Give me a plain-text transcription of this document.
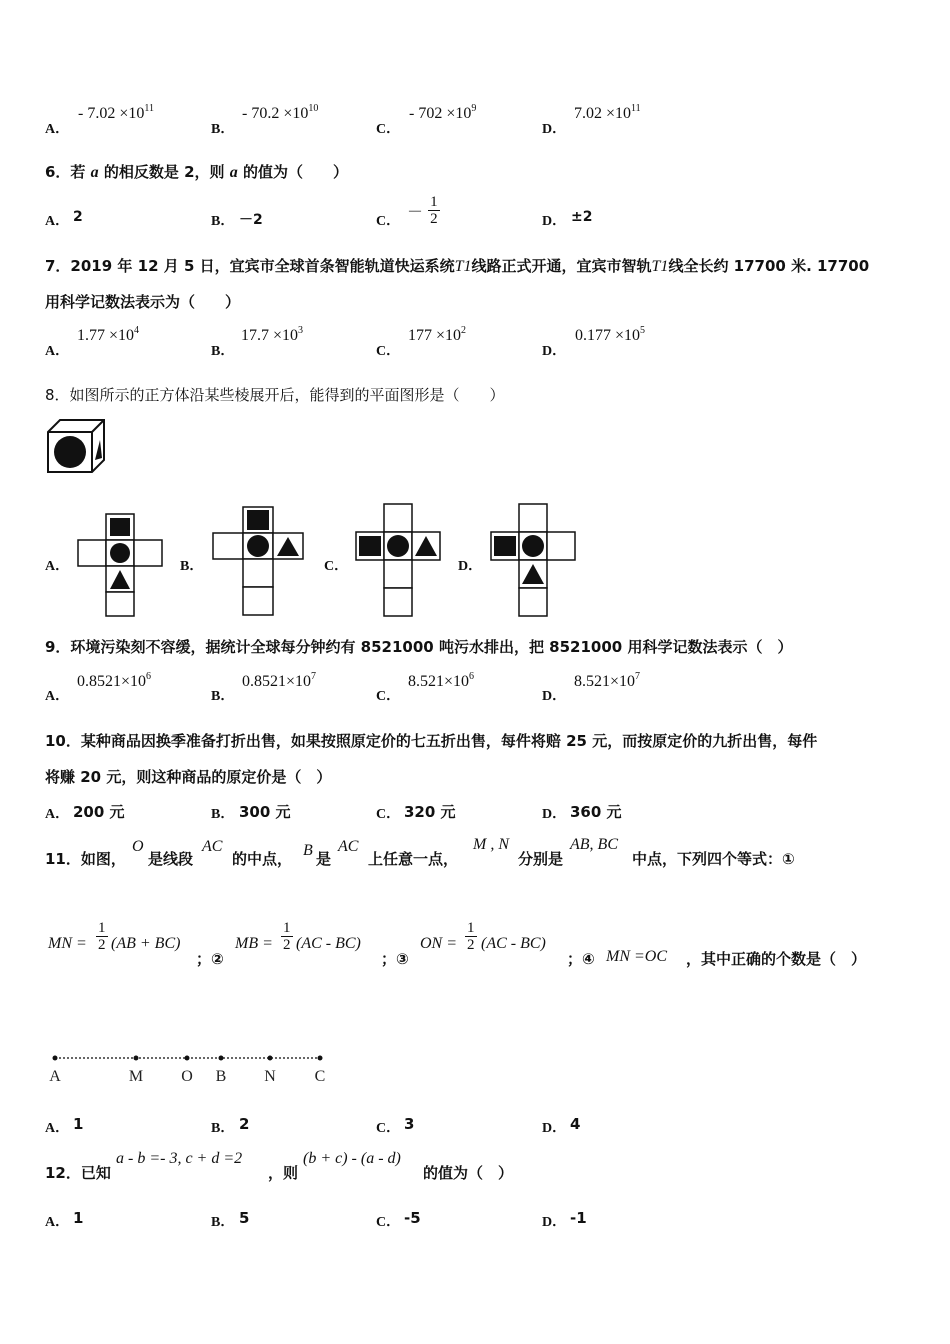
A．
- $7.02 \times 10^{11}$
B．
- $70.2 \times 10^{10}$
C．
- $702 \times 10^9$
D．
$7.02 \times 10^{11}$
6．若 a 的相反数是 2，则 a 的值为（　　）
A． 2	B． －2	C．
－ $\frac{1}{2}$	D． ±2
7．2019 年 12 月 5 日，宜宾市全球首条智能轨道快运系统T1线路正式开通，宜宾市智轨T1线全长约 17700 米. 17700
用科学记数法表示为（　　）
A．
$1.77 \times 10^4$
B．
$17.7 \times 10^3$
C．
$177 \times 10^2$
D．
$0.177 \times 10^5$
8．如图所示的正方体沿某些棱展开后，能得到的平面图形是（　　）
A．	B．	C．	D．
9．环境污染刻不容缓，据统计全球每分钟约有 8521000 吨污水排出，把 8521000 用科学记数法表示（　）
A．
$0.8521\times 10^6$
B．
$0.8521\times 10^7$
C．
$8.521\times 10^6$
D．
$8.521\times 10^7$
10．某种商品因换季准备打折出售，如果按照原定价的七五折出售，每件将赔 25 元，而按原定价的九折出售，每件
将赚 20 元，则这种商品的原定价是（　）
A． 200 元	B． 300 元	C． 320 元	D． 360 元
11．如图，
O
是线段
AC
的中点， B 是
AC
上任意一点，
M , N
分别是
AB, BC
中点，下列四个等式：①
MN = $\frac{1}{2} (AB + BC)$
；②
MB = $\frac{1}{2} (AC - BC)$
；③
ON = $\frac{1}{2} (AC - BC)$
；④ MN =OC ，其中正确的个数是（　）
A	M O B N C
A． 1	B． 2	C． 3	D． 4
12．已知
a - b =- 3, c + d =2
，则
(b + c) - (a - d)
的值为（　）
A． 1	B． 5	C． -5	D． -1
